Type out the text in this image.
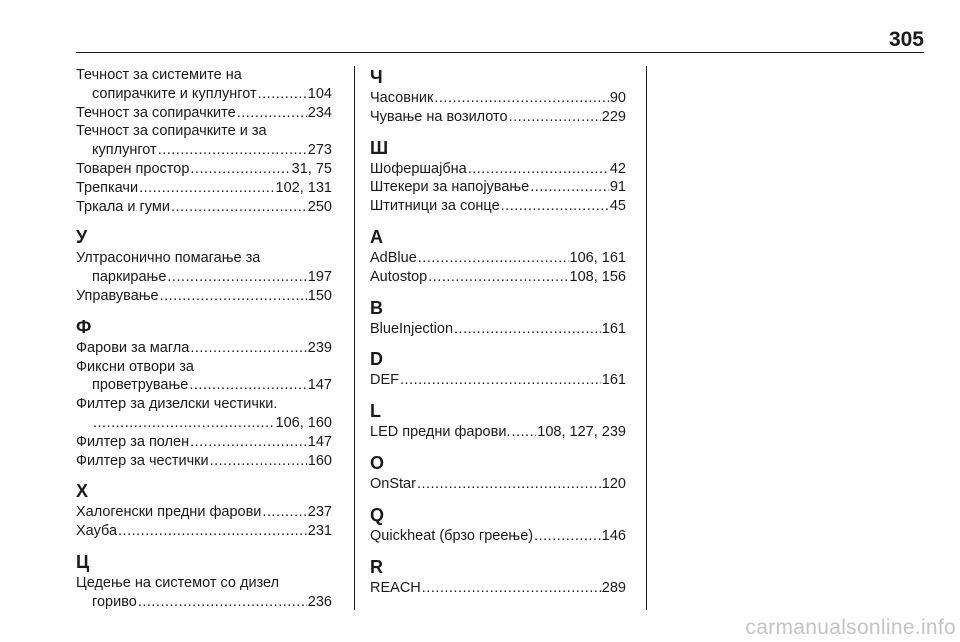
305
Течност за системите на
сопирачките и куплунгот .....	104
Течност за сопирачките .....	234
Течност за сопирачките и за
куплунгот .....	273
Товарен простор .....	31, 75
Трепкачи .....	102, 131
Тркала и гуми .....	250
У
Ултрасонично помагање за
паркирање .....	197
Управување .....	150
Ф
Фарови за магла .....	239
Фиксни отвори за
проветрување .....	147
Филтер за дизелски честички.
.....
106, 160
Филтер за полен .....	147
Филтер за честички .....	160
Х
Халогенски предни фарови .....	237
Хауба .....	231
Ц
Цедење на системот со дизел
гориво .....	236
Ч
Часовник .....	90
Чување на возилото .....	229
Ш
Шофершајбна .....	42
Штекери за напојување .....	91
Штитници за сонце .....	45
A
AdBlue .....	106, 161
Autostop .....	108, 156
B
BlueInjection .....	161
D
DEF .....	161
L
LED предни фарови. ..... 108, 127, 239
O
OnStar .....	120
Q
Quickheat (брзо греење) .....	146
R
REACH .....	289
carmanualsonline.info
